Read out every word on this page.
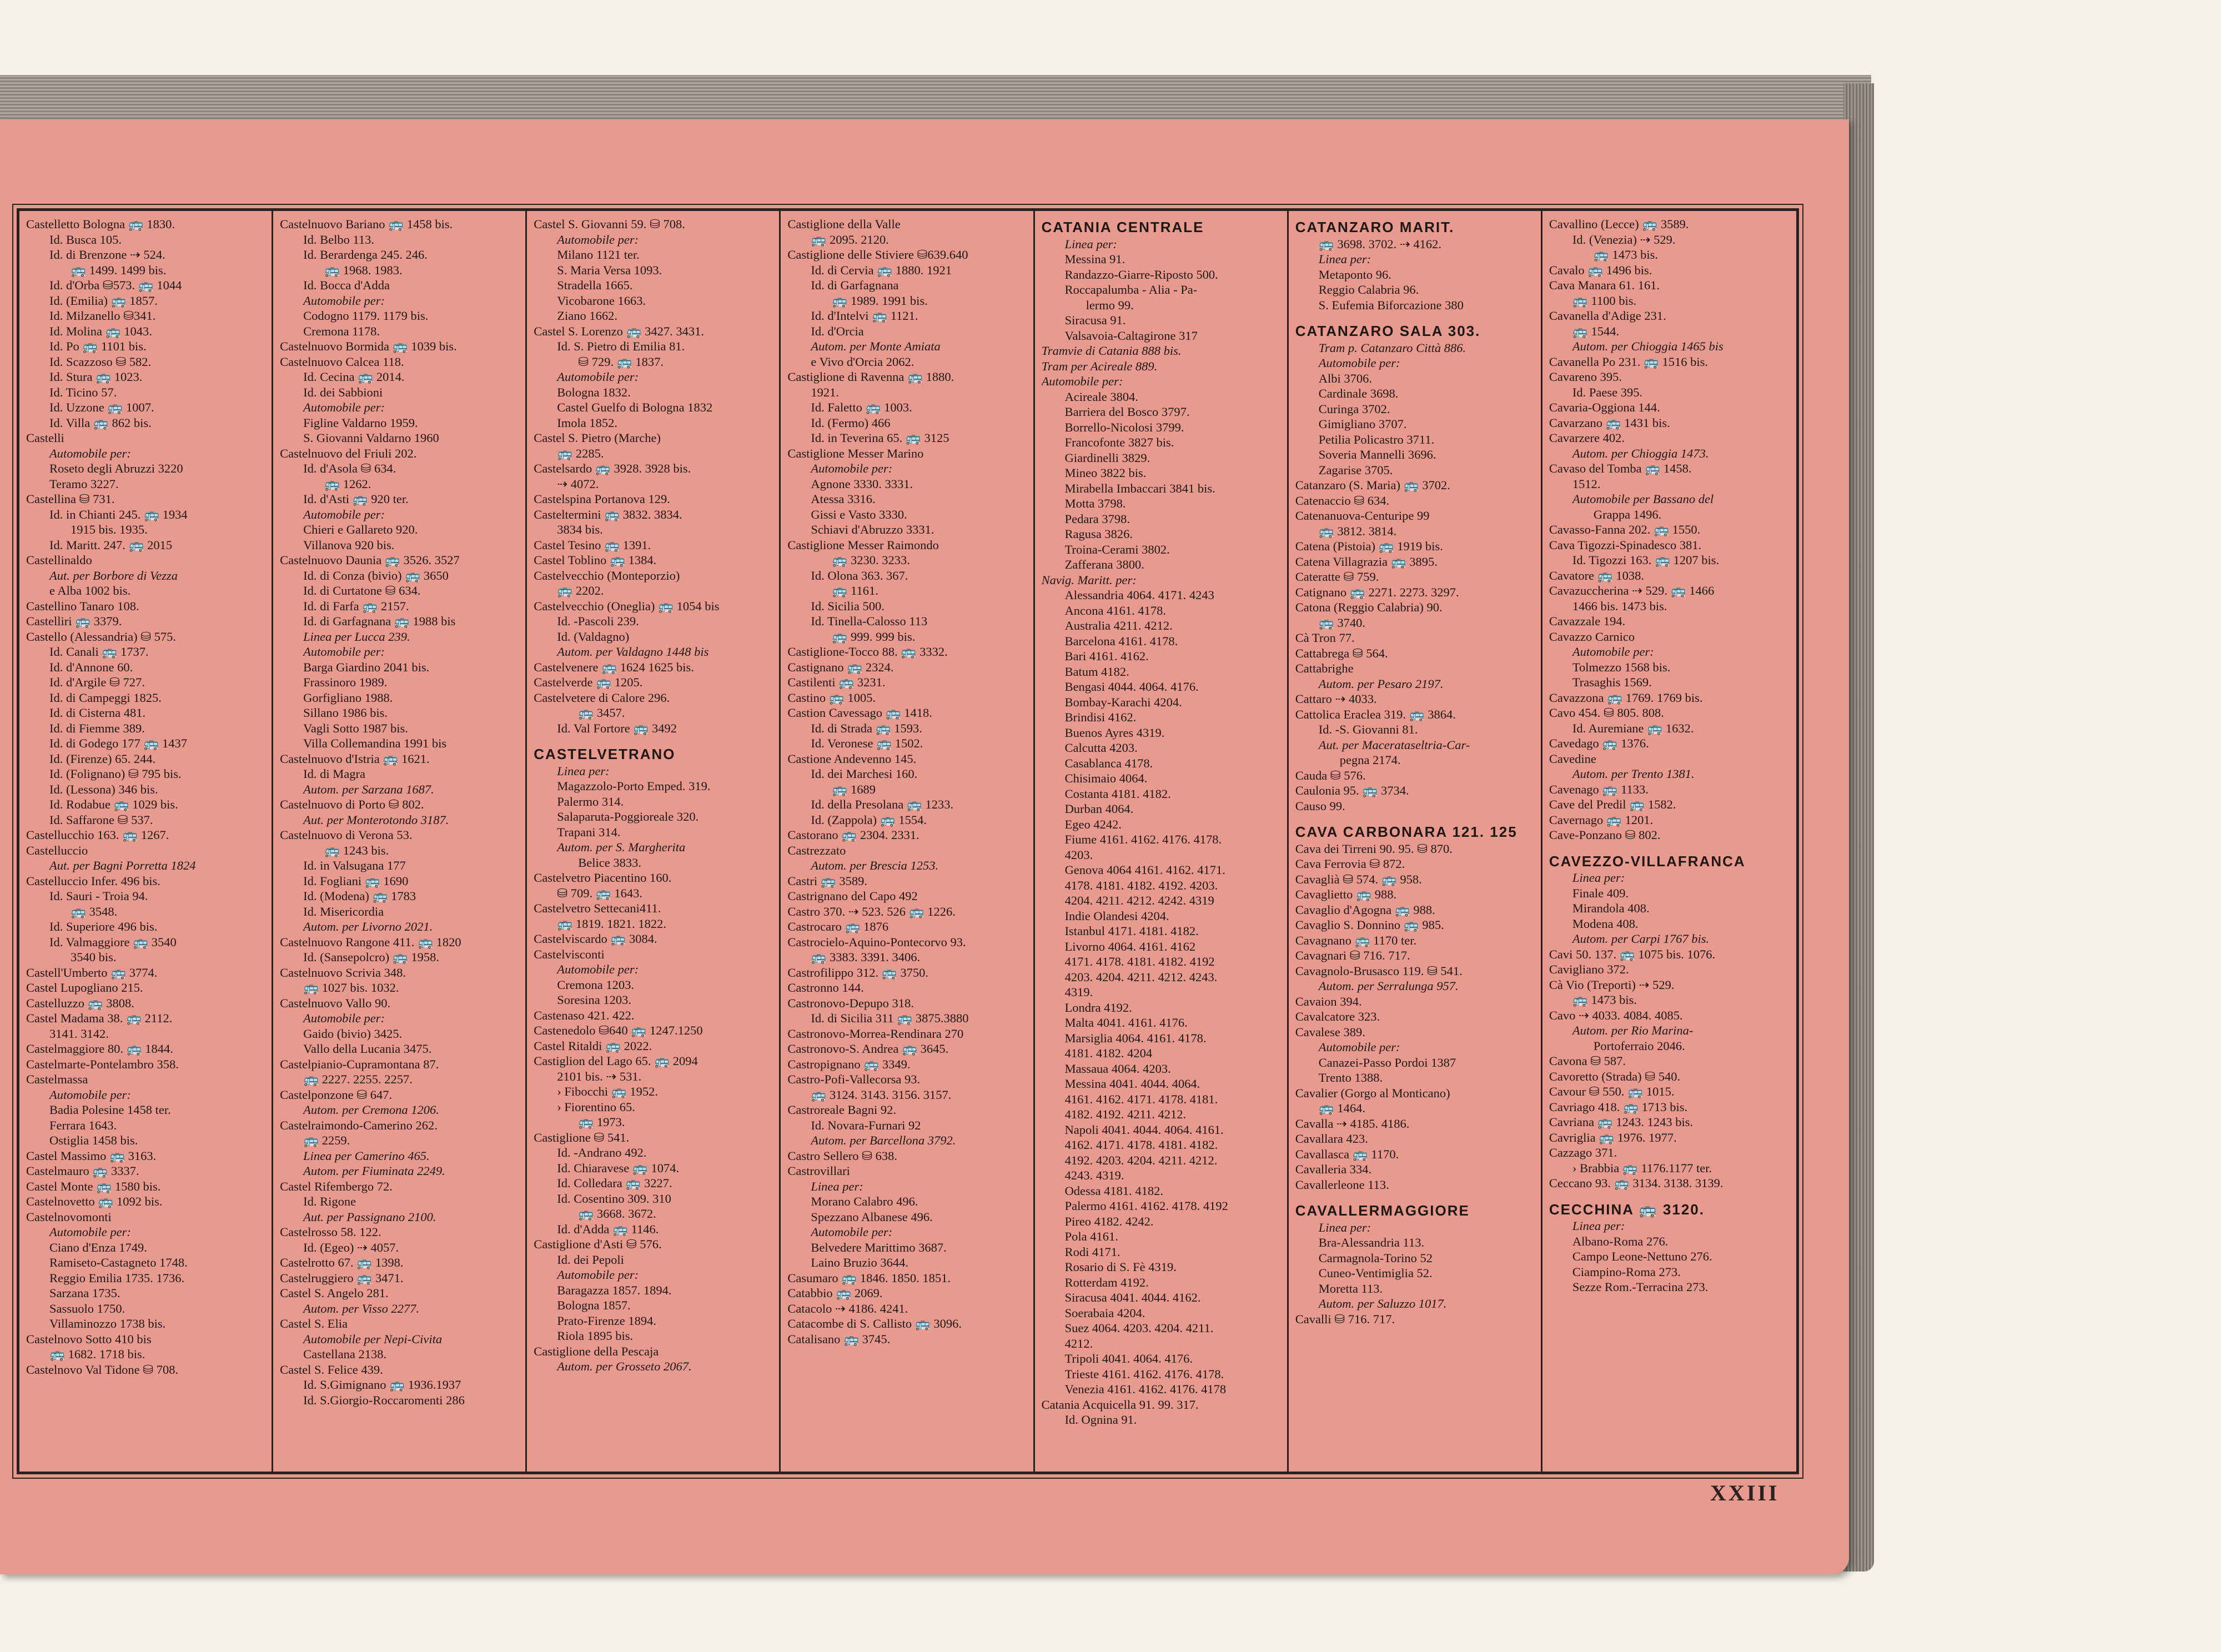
Castelletto Bologna 🚌 1830.
Id. Busca 105.
Id. di Brenzone ⇢ 524.
🚌 1499. 1499 bis.
Id. d'Orba ⛁573. 🚌 1044
Id. (Emilia) 🚌 1857.
Id. Milzanello ⛁341.
Id. Molina 🚌 1043.
Id. Po 🚌 1101 bis.
Id. Scazzoso ⛁ 582.
Id. Stura 🚌 1023.
Id. Ticino 57.
Id. Uzzone 🚌 1007.
Id. Villa 🚌 862 bis.
Castelli
Automobile per:
Roseto degli Abruzzi 3220
Teramo 3227.
Castellina ⛁ 731.
Id. in Chianti 245. 🚌 1934
1915 bis. 1935.
Id. Maritt. 247. 🚌 2015
Castellinaldo
Aut. per Borbore di Vezza
e Alba 1002 bis.
Castellino Tanaro 108.
Castelliri 🚌 3379.
Castello (Alessandria) ⛁ 575.
Id. Canali 🚌 1737.
Id. d'Annone 60.
Id. d'Argile ⛁ 727.
Id. di Campeggi 1825.
Id. di Cisterna 481.
Id. di Fiemme 389.
Id. di Godego 177 🚌 1437
Id. (Firenze) 65. 244.
Id. (Folignano) ⛁ 795 bis.
Id. (Lessona) 346 bis.
Id. Rodabue 🚌 1029 bis.
Id. Saffarone ⛁ 537.
Castellucchio 163. 🚌 1267.
Castelluccio
Aut. per Bagni Porretta 1824
Castelluccio Infer. 496 bis.
Id. Sauri - Troia 94.
🚌 3548.
Id. Superiore 496 bis.
Id. Valmaggiore 🚌 3540
3540 bis.
Castell'Umberto 🚌 3774.
Castel Lupogliano 215.
Castelluzzo 🚌 3808.
Castel Madama 38. 🚌 2112.
3141. 3142.
Castelmaggiore 80. 🚌 1844.
Castelmarte-Pontelambro 358.
Castelmassa
Automobile per:
Badia Polesine 1458 ter.
Ferrara 1643.
Ostiglia 1458 bis.
Castel Massimo 🚌 3163.
Castelmauro 🚌 3337.
Castel Monte 🚌 1580 bis.
Castelnovetto 🚌 1092 bis.
Castelnovomonti
Automobile per:
Ciano d'Enza 1749.
Ramiseto-Castagneto 1748.
Reggio Emilia 1735. 1736.
Sarzana 1735.
Sassuolo 1750.
Villaminozzo 1738 bis.
Castelnovo Sotto 410 bis
🚌 1682. 1718 bis.
Castelnovo Val Tidone ⛁ 708.
Castelnuovo Bariano 🚌 1458 bis.
Id. Belbo 113.
Id. Berardenga 245. 246.
🚌 1968. 1983.
Id. Bocca d'Adda
Automobile per:
Codogno 1179. 1179 bis.
Cremona 1178.
Castelnuovo Bormida 🚌 1039 bis.
Castelnuovo Calcea 118.
Id. Cecina 🚌 2014.
Id. dei Sabbioni
Automobile per:
Figline Valdarno 1959.
S. Giovanni Valdarno 1960
Castelnuovo del Friuli 202.
Id. d'Asola ⛁ 634.
🚌 1262.
Id. d'Asti 🚌 920 ter.
Automobile per:
Chieri e Gallareto 920.
Villanova 920 bis.
Castelnuovo Daunia 🚌 3526. 3527
Id. di Conza (bivio) 🚌 3650
Id. di Curtatone ⛁ 634.
Id. di Farfa 🚌 2157.
Id. di Garfagnana 🚌 1988 bis
Linea per Lucca 239.
Automobile per:
Barga Giardino 2041 bis.
Frassinoro 1989.
Gorfigliano 1988.
Sillano 1986 bis.
Vagli Sotto 1987 bis.
Villa Collemandina 1991 bis
Castelnuovo d'Istria 🚌 1621.
Id. di Magra
Autom. per Sarzana 1687.
Castelnuovo di Porto ⛁ 802.
Aut. per Monterotondo 3187.
Castelnuovo di Verona 53.
🚌 1243 bis.
Id. in Valsugana 177
Id. Fogliani 🚌 1690
Id. (Modena) 🚌 1783
Id. Misericordia
Autom. per Livorno 2021.
Castelnuovo Rangone 411. 🚌 1820
Id. (Sansepolcro) 🚌 1958.
Castelnuovo Scrivia 348.
🚌 1027 bis. 1032.
Castelnuovo Vallo 90.
Automobile per:
Gaido (bivio) 3425.
Vallo della Lucania 3475.
Castelpianio-Cupramontana 87.
🚌 2227. 2255. 2257.
Castelponzone ⛁ 647.
Autom. per Cremona 1206.
Castelraimondo-Camerino 262.
🚌 2259.
Linea per Camerino 465.
Autom. per Fiuminata 2249.
Castel Rifembergo 72.
Id. Rigone
Aut. per Passignano 2100.
Castelrosso 58. 122.
Id. (Egeo) ⇢ 4057.
Castelrotto 67. 🚌 1398.
Castelruggiero 🚌 3471.
Castel S. Angelo 281.
Autom. per Visso 2277.
Castel S. Elia
Automobile per Nepi-Civita
Castellana 2138.
Castel S. Felice 439.
Id. S.Gimignano 🚌 1936.1937
Id. S.Giorgio-Roccaromenti 286
Castel S. Giovanni 59. ⛁ 708.
Automobile per:
Milano 1121 ter.
S. Maria Versa 1093.
Stradella 1665.
Vicobarone 1663.
Ziano 1662.
Castel S. Lorenzo 🚌 3427. 3431.
Id. S. Pietro di Emilia 81.
⛁ 729. 🚌 1837.
Automobile per:
Bologna 1832.
Castel Guelfo di Bologna 1832
Imola 1852.
Castel S. Pietro (Marche)
🚌 2285.
Castelsardo 🚌 3928. 3928 bis.
⇢ 4072.
Castelspina Portanova 129.
Casteltermini 🚌 3832. 3834.
3834 bis.
Castel Tesino 🚌 1391.
Castel Toblino 🚌 1384.
Castelvecchio (Monteporzio)
🚌 2202.
Castelvecchio (Oneglia) 🚌 1054 bis
Id. -Pascoli 239.
Id. (Valdagno)
Autom. per Valdagno 1448 bis
Castelvenere 🚌 1624 1625 bis.
Castelverde 🚌 1205.
Castelvetere di Calore 296.
🚌 3457.
Id. Val Fortore 🚌 3492
CASTELVETRANO
Linea per:
Magazzolo-Porto Emped. 319.
Palermo 314.
Salaparuta-Poggioreale 320.
Trapani 314.
Autom. per S. Margherita
Belice 3833.
Castelvetro Piacentino 160.
⛁ 709. 🚌 1643.
Castelvetro Settecani411.
🚌 1819. 1821. 1822.
Castelviscardo 🚌 3084.
Castelvisconti
Automobile per:
Cremona 1203.
Soresina 1203.
Castenaso 421. 422.
Castenedolo ⛁640 🚌 1247.1250
Castel Ritaldi 🚌 2022.
Castiglion del Lago 65. 🚌 2094
2101 bis. ⇢ 531.
› Fibocchi 🚌 1952.
› Fiorentino 65.
🚌 1973.
Castiglione ⛁ 541.
Id. -Andrano 492.
Id. Chiaravese 🚌 1074.
Id. Colledara 🚌 3227.
Id. Cosentino 309. 310
🚌 3668. 3672.
Id. d'Adda 🚌 1146.
Castiglione d'Asti ⛁ 576.
Id. dei Pepoli
Automobile per:
Baragazza 1857. 1894.
Bologna 1857.
Prato-Firenze 1894.
Riola 1895 bis.
Castiglione della Pescaja
Autom. per Grosseto 2067.
Castiglione della Valle
🚌 2095. 2120.
Castiglione delle Stiviere ⛁639.640
Id. di Cervia 🚌 1880. 1921
Id. di Garfagnana
🚌 1989. 1991 bis.
Id. d'Intelvi 🚌 1121.
Id. d'Orcia
Autom. per Monte Amiata
e Vivo d'Orcia 2062.
Castiglione di Ravenna 🚌 1880.
1921.
Id. Faletto 🚌 1003.
Id. (Fermo) 466
Id. in Teverina 65. 🚌 3125
Castiglione Messer Marino
Automobile per:
Agnone 3330. 3331.
Atessa 3316.
Gissi e Vasto 3330.
Schiavi d'Abruzzo 3331.
Castiglione Messer Raimondo
🚌 3230. 3233.
Id. Olona 363. 367.
🚌 1161.
Id. Sicilia 500.
Id. Tinella-Calosso 113
🚌 999. 999 bis.
Castiglione-Tocco 88. 🚌 3332.
Castignano 🚌 2324.
Castilenti 🚌 3231.
Castino 🚌 1005.
Castion Cavessago 🚌 1418.
Id. di Strada 🚌 1593.
Id. Veronese 🚌 1502.
Castione Andevenno 145.
Id. dei Marchesi 160.
🚌 1689
Id. della Presolana 🚌 1233.
Id. (Zappola) 🚌 1554.
Castorano 🚌 2304. 2331.
Castrezzato
Autom. per Brescia 1253.
Castri 🚌 3589.
Castrignano del Capo 492
Castro 370. ⇢ 523. 526 🚌 1226.
Castrocaro 🚌 1876
Castrocielo-Aquino-Pontecorvo 93.
🚌 3383. 3391. 3406.
Castrofilippo 312. 🚌 3750.
Castronno 144.
Castronovo-Depupo 318.
Id. di Sicilia 311 🚌 3875.3880
Castronovo-Morrea-Rendinara 270
Castronovo-S. Andrea 🚌 3645.
Castropignano 🚌 3349.
Castro-Pofi-Vallecorsa 93.
🚌 3124. 3143. 3156. 3157.
Castroreale Bagni 92.
Id. Novara-Furnari 92
Autom. per Barcellona 3792.
Castro Sellero ⛁ 638.
Castrovillari
Linea per:
Morano Calabro 496.
Spezzano Albanese 496.
Automobile per:
Belvedere Marittimo 3687.
Laino Bruzio 3644.
Casumaro 🚌 1846. 1850. 1851.
Catabbio 🚌 2069.
Catacolo ⇢ 4186. 4241.
Catacombe di S. Callisto 🚌 3096.
Catalisano 🚌 3745.
CATANIA CENTRALE
Linea per:
Messina 91.
Randazzo-Giarre-Riposto 500.
Roccapalumba - Alia - Pa-
lermo 99.
Siracusa 91.
Valsavoia-Caltagirone 317
Tramvie di Catania 888 bis.
Tram per Acireale 889.
Automobile per:
Acireale 3804.
Barriera del Bosco 3797.
Borrello-Nicolosi 3799.
Francofonte 3827 bis.
Giardinelli 3829.
Mineo 3822 bis.
Mirabella Imbaccari 3841 bis.
Motta 3798.
Pedara 3798.
Ragusa 3826.
Troina-Cerami 3802.
Zafferana 3800.
Navig. Maritt. per:
Alessandria 4064. 4171. 4243
Ancona 4161. 4178.
Australia 4211. 4212.
Barcelona 4161. 4178.
Bari 4161. 4162.
Batum 4182.
Bengasi 4044. 4064. 4176.
Bombay-Karachi 4204.
Brindisi 4162.
Buenos Ayres 4319.
Calcutta 4203.
Casablanca 4178.
Chisimaio 4064.
Costanta 4181. 4182.
Durban 4064.
Egeo 4242.
Fiume 4161. 4162. 4176. 4178.
4203.
Genova 4064 4161. 4162. 4171.
4178. 4181. 4182. 4192. 4203.
4204. 4211. 4212. 4242. 4319
Indie Olandesi 4204.
Istanbul 4171. 4181. 4182.
Livorno 4064. 4161. 4162
4171. 4178. 4181. 4182. 4192
4203. 4204. 4211. 4212. 4243.
4319.
Londra 4192.
Malta 4041. 4161. 4176.
Marsiglia 4064. 4161. 4178.
4181. 4182. 4204
Massaua 4064. 4203.
Messina 4041. 4044. 4064.
4161. 4162. 4171. 4178. 4181.
4182. 4192. 4211. 4212.
Napoli 4041. 4044. 4064. 4161.
4162. 4171. 4178. 4181. 4182.
4192. 4203. 4204. 4211. 4212.
4243. 4319.
Odessa 4181. 4182.
Palermo 4161. 4162. 4178. 4192
Pireo 4182. 4242.
Pola 4161.
Rodi 4171.
Rosario di S. Fè 4319.
Rotterdam 4192.
Siracusa 4041. 4044. 4162.
Soerabaia 4204.
Suez 4064. 4203. 4204. 4211.
4212.
Tripoli 4041. 4064. 4176.
Trieste 4161. 4162. 4176. 4178.
Venezia 4161. 4162. 4176. 4178
Catania Acquicella 91. 99. 317.
Id. Ognina 91.
CATANZARO MARIT.
🚌 3698. 3702. ⇢ 4162.
Linea per:
Metaponto 96.
Reggio Calabria 96.
S. Eufemia Biforcazione 380
CATANZARO SALA 303.
Tram p. Catanzaro Città 886.
Automobile per:
Albi 3706.
Cardinale 3698.
Curinga 3702.
Gimigliano 3707.
Petilia Policastro 3711.
Soveria Mannelli 3696.
Zagarise 3705.
Catanzaro (S. Maria) 🚌 3702.
Catenaccio ⛁ 634.
Catenanuova-Centuripe 99
🚌 3812. 3814.
Catena (Pistoia) 🚌 1919 bis.
Catena Villagrazia 🚌 3895.
Cateratte ⛁ 759.
Catignano 🚌 2271. 2273. 3297.
Catona (Reggio Calabria) 90.
🚌 3740.
Cà Tron 77.
Cattabrega ⛁ 564.
Cattabrighe
Autom. per Pesaro 2197.
Cattaro ⇢ 4033.
Cattolica Eraclea 319. 🚌 3864.
Id. -S. Giovanni 81.
Aut. per Macerataseltria-Car-
pegna 2174.
Cauda ⛁ 576.
Caulonia 95. 🚌 3734.
Causo 99.
CAVA CARBONARA 121. 125
Cava dei Tirreni 90. 95. ⛁ 870.
Cava Ferrovia ⛁ 872.
Cavaglià ⛁ 574. 🚌 958.
Cavaglietto 🚌 988.
Cavaglio d'Agogna 🚌 988.
Cavaglio S. Donnino 🚌 985.
Cavagnano 🚌 1170 ter.
Cavagnari ⛁ 716. 717.
Cavagnolo-Brusasco 119. ⛁ 541.
Autom. per Serralunga 957.
Cavaion 394.
Cavalcatore 323.
Cavalese 389.
Automobile per:
Canazei-Passo Pordoi 1387
Trento 1388.
Cavalier (Gorgo al Monticano)
🚌 1464.
Cavalla ⇢ 4185. 4186.
Cavallara 423.
Cavallasca 🚌 1170.
Cavalleria 334.
Cavallerleone 113.
CAVALLERMAGGIORE
Linea per:
Bra-Alessandria 113.
Carmagnola-Torino 52
Cuneo-Ventimiglia 52.
Moretta 113.
Autom. per Saluzzo 1017.
Cavalli ⛁ 716. 717.
Cavallino (Lecce) 🚌 3589.
Id. (Venezia) ⇢ 529.
🚌 1473 bis.
Cavalo 🚌 1496 bis.
Cava Manara 61. 161.
🚌 1100 bis.
Cavanella d'Adige 231.
🚌 1544.
Autom. per Chioggia 1465 bis
Cavanella Po 231. 🚌 1516 bis.
Cavareno 395.
Id. Paese 395.
Cavaria-Oggiona 144.
Cavarzano 🚌 1431 bis.
Cavarzere 402.
Autom. per Chioggia 1473.
Cavaso del Tomba 🚌 1458.
1512.
Automobile per Bassano del
Grappa 1496.
Cavasso-Fanna 202. 🚌 1550.
Cava Tigozzi-Spinadesco 381.
Id. Tigozzi 163. 🚌 1207 bis.
Cavatore 🚌 1038.
Cavazuccherina ⇢ 529. 🚌 1466
1466 bis. 1473 bis.
Cavazzale 194.
Cavazzo Carnico
Automobile per:
Tolmezzo 1568 bis.
Trasaghis 1569.
Cavazzona 🚌 1769. 1769 bis.
Cavo 454. ⛁ 805. 808.
Id. Auremiane 🚌 1632.
Cavedago 🚌 1376.
Cavedine
Autom. per Trento 1381.
Cavenago 🚌 1133.
Cave del Predil 🚌 1582.
Cavernago 🚌 1201.
Cave-Ponzano ⛁ 802.
CAVEZZO-VILLAFRANCA
Linea per:
Finale 409.
Mirandola 408.
Modena 408.
Autom. per Carpi 1767 bis.
Cavi 50. 137. 🚌 1075 bis. 1076.
Cavigliano 372.
Cà Vio (Treporti) ⇢ 529.
🚌 1473 bis.
Cavo ⇢ 4033. 4084. 4085.
Autom. per Rio Marina-
Portoferraio 2046.
Cavona ⛁ 587.
Cavoretto (Strada) ⛁ 540.
Cavour ⛁ 550. 🚌 1015.
Cavriago 418. 🚌 1713 bis.
Cavriana 🚌 1243. 1243 bis.
Cavriglia 🚌 1976. 1977.
Cazzago 371.
› Brabbia 🚌 1176.1177 ter.
Ceccano 93. 🚌 3134. 3138. 3139.
CECCHINA 🚌 3120.
Linea per:
Albano-Roma 276.
Campo Leone-Nettuno 276.
Ciampino-Roma 273.
Sezze Rom.-Terracina 273.
XXIII
